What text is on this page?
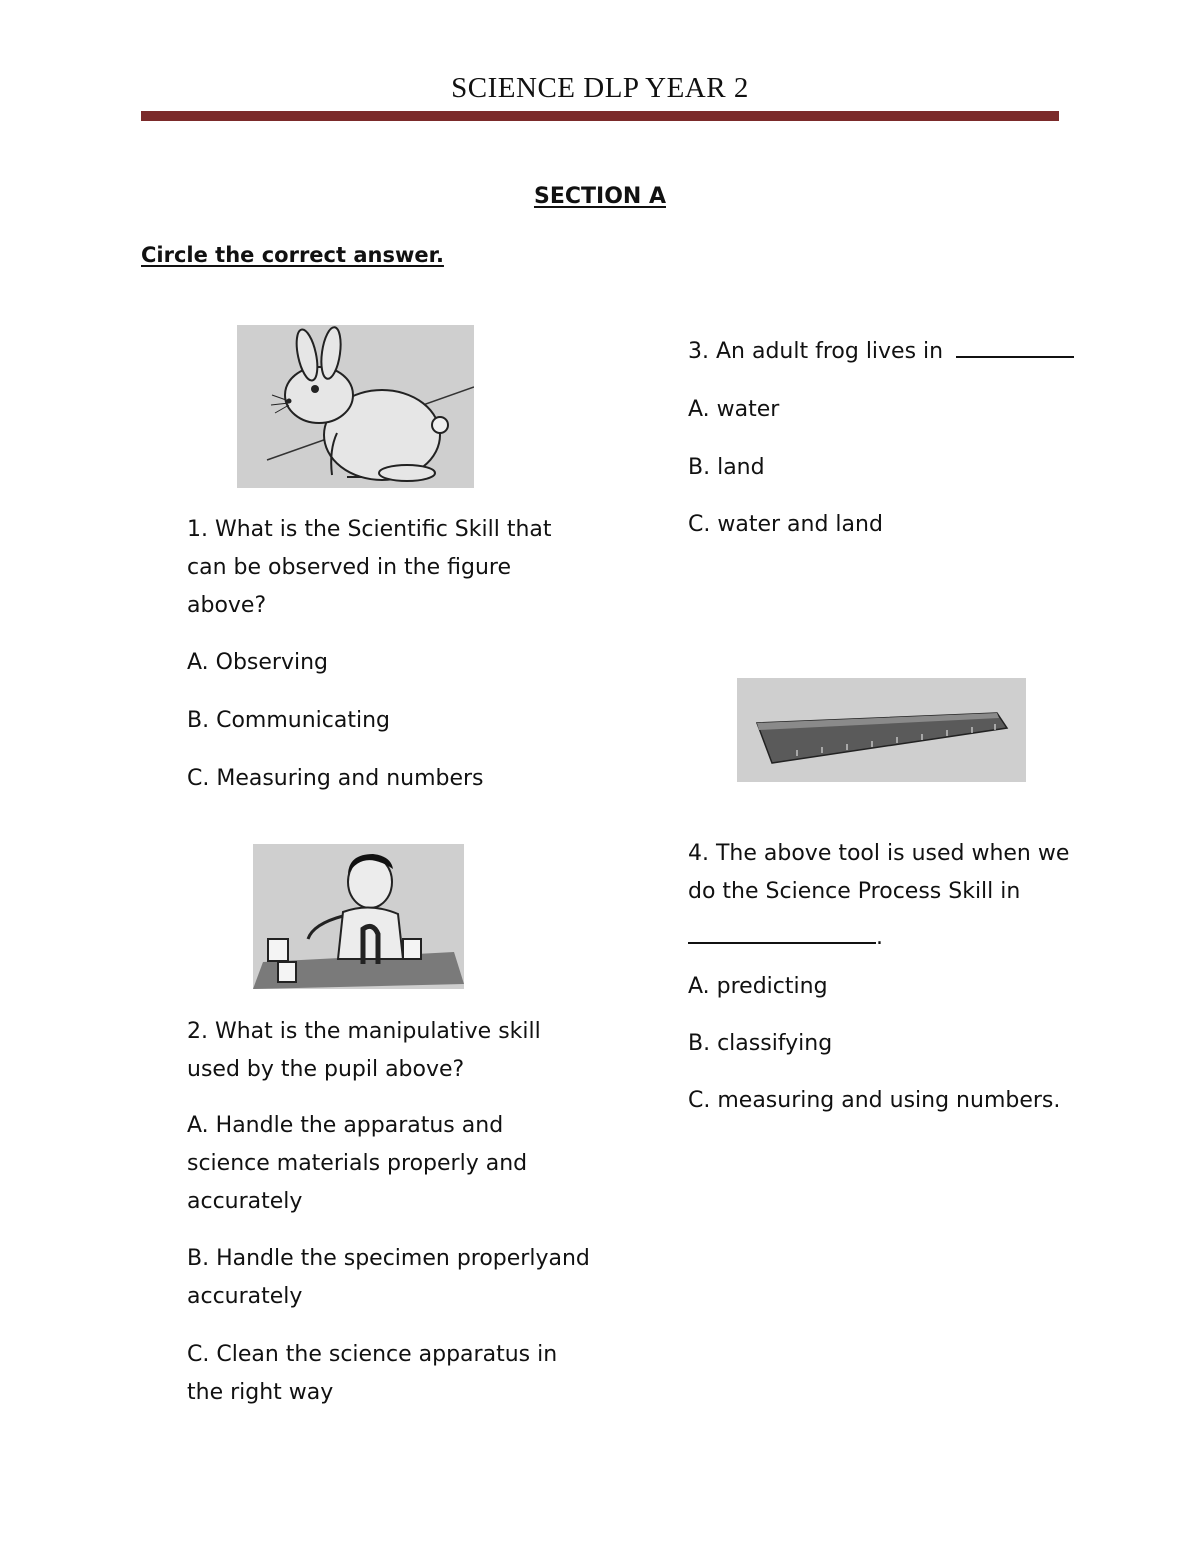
SCIENCE DLP YEAR 2
SECTION A
Circle the correct answer.
1. What is the Scientific Skill that
can be observed in the figure
above?
A. Observing
B. Communicating
C. Measuring and numbers
2. What is the manipulative skill
used by the pupil above?
A. Handle the apparatus and
science materials properly and
accurately
B. Handle the specimen properlyand
accurately
C. Clean the science apparatus in
the right way
3. An adult frog lives in
A. water
B. land
C. water and land
4. The above tool is used when we
do the Science Process Skill in
.
A. predicting
B. classifying
C. measuring and using numbers.
